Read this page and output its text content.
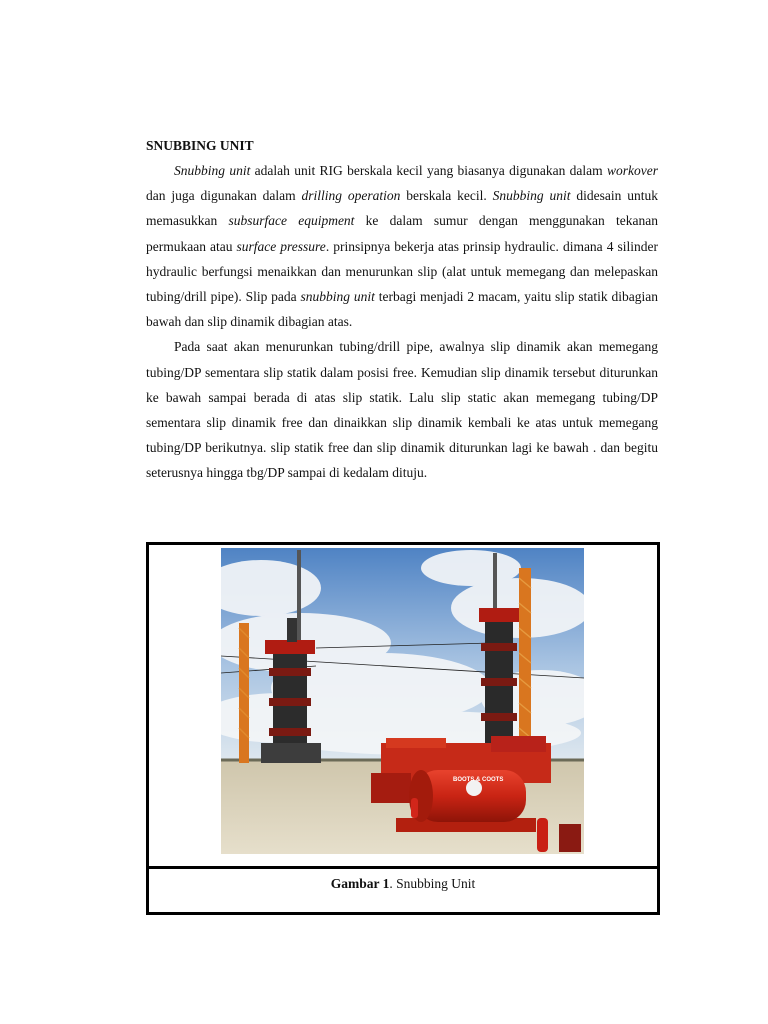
SNUBBING UNIT

Snubbing unit adalah unit RIG berskala kecil yang biasanya digunakan dalam workover dan juga digunakan dalam drilling operation berskala kecil. Snubbing unit didesain untuk memasukkan subsurface equipment ke dalam sumur dengan menggunakan tekanan permukaan atau surface pressure. prinsipnya bekerja atas prinsip hydraulic. dimana 4 silinder hydraulic berfungsi menaikkan dan menurunkan slip (alat untuk memegang dan melepaskan tubing/drill pipe). Slip pada snubbing unit terbagi menjadi 2 macam, yaitu slip statik dibagian bawah dan slip dinamik dibagian atas.

Pada saat akan menurunkan tubing/drill pipe, awalnya slip dinamik akan memegang tubing/DP sementara slip statik dalam posisi free. Kemudian slip dinamik tersebut diturunkan ke bawah sampai berada di atas slip statik. Lalu slip static akan memegang tubing/DP sementara slip dinamik free dan dinaikkan slip dinamik kembali ke atas untuk memegang tubing/DP berikutnya. slip statik free dan slip dinamik diturunkan lagi ke bawah . dan begitu seterusnya hingga tbg/DP sampai di kedalam dituju.

BOOTS & COOTS
Gambar 1. Snubbing Unit
